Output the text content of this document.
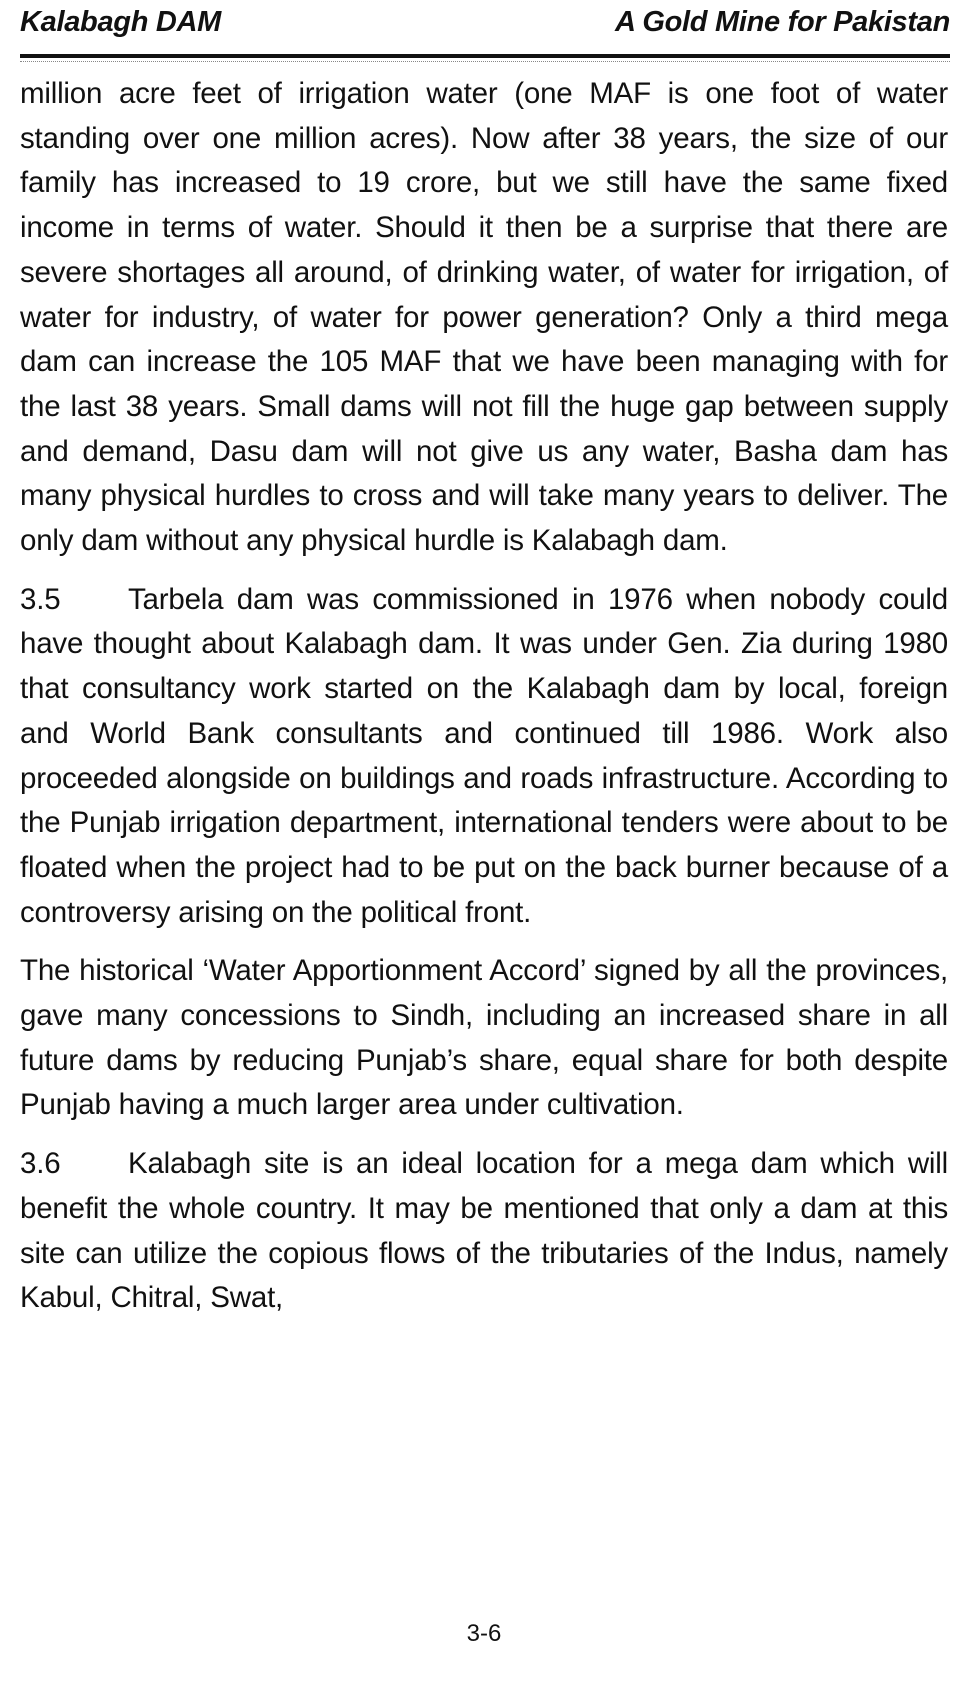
Kalabagh DAM	A Gold Mine for Pakistan

million acre feet of irrigation water (one MAF is one foot of water standing over one million acres). Now after 38 years, the size of our family has increased to 19 crore, but we still have the same fixed income in terms of water. Should it then be a surprise that there are severe shortages all around, of drinking water, of water for irrigation, of water for industry, of water for power generation? Only a third mega dam can increase the 105 MAF that we have been managing with for the last 38 years. Small dams will not fill the huge gap between supply and demand, Dasu dam will not give us any water, Basha dam has many physical hurdles to cross and will take many years to deliver. The only dam without any physical hurdle is Kalabagh dam.

3.5 Tarbela dam was commissioned in 1976 when nobody could have thought about Kalabagh dam. It was under Gen. Zia during 1980 that consultancy work started on the Kalabagh dam by local, foreign and World Bank consultants and continued till 1986. Work also proceeded alongside on buildings and roads infrastructure. According to the Punjab irrigation department, international tenders were about to be floated when the project had to be put on the back burner because of a controversy arising on the political front.

The historical ‘Water Apportionment Accord’ signed by all the provinces, gave many concessions to Sindh, including an increased share in all future dams by reducing Punjab’s share, equal share for both despite Punjab having a much larger area under cultivation.

3.6 Kalabagh site is an ideal location for a mega dam which will benefit the whole country. It may be mentioned that only a dam at this site can utilize the copious flows of the tributaries of the Indus, namely Kabul, Chitral, Swat,

3-6
